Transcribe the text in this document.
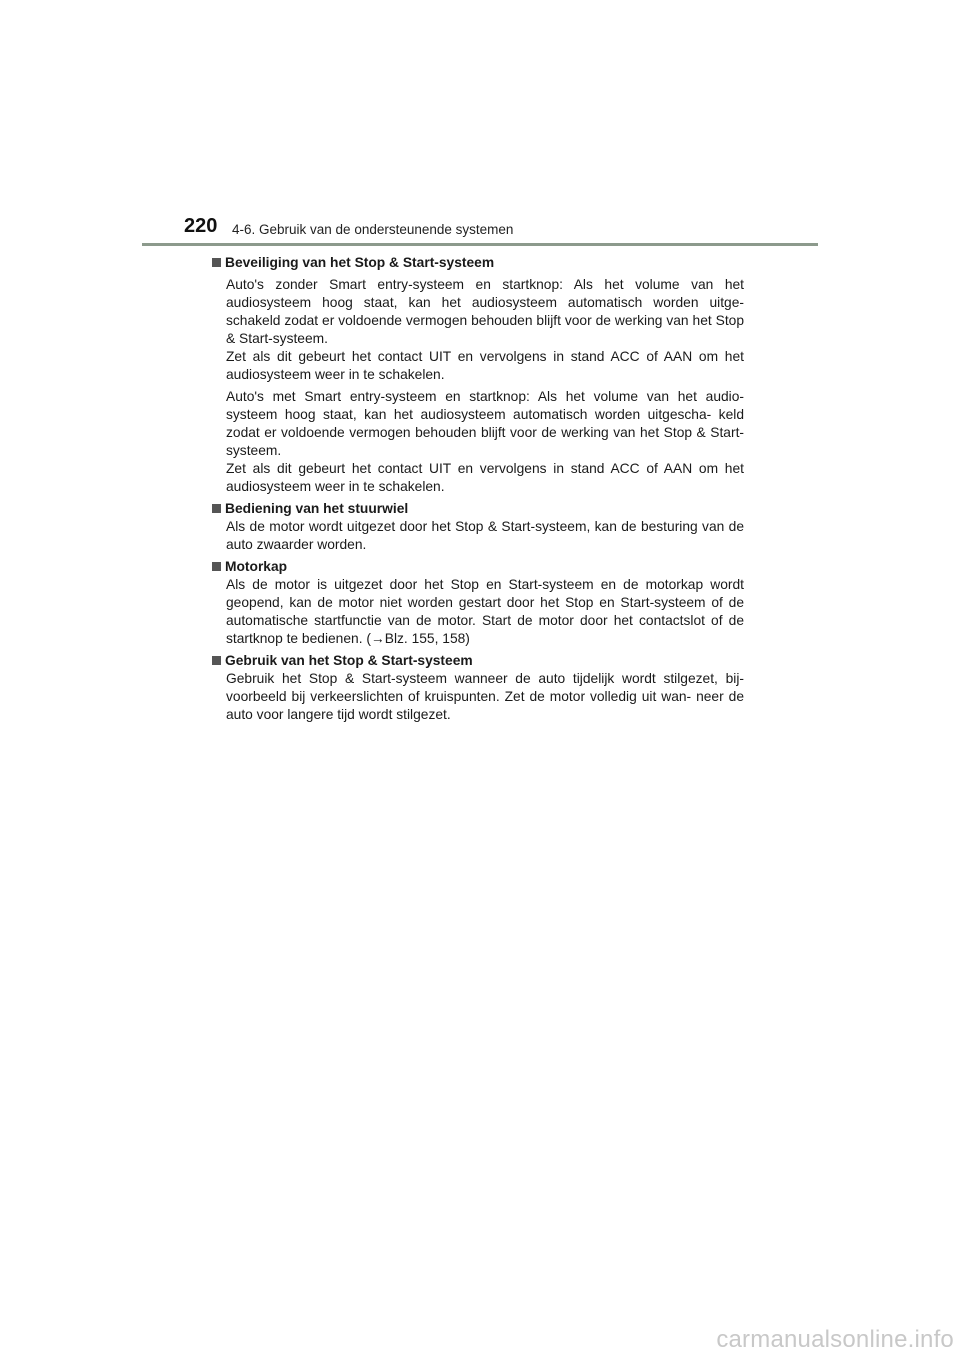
220 4-6. Gebruik van de ondersteunende systemen
Beveiliging van het Stop & Start-systeem
Auto's zonder Smart entry-systeem en startknop: Als het volume van het audiosysteem hoog staat, kan het audiosysteem automatisch worden uitge- schakeld zodat er voldoende vermogen behouden blijft voor de werking van het Stop & Start-systeem.
Zet als dit gebeurt het contact UIT en vervolgens in stand ACC of AAN om het audiosysteem weer in te schakelen.
Auto's met Smart entry-systeem en startknop: Als het volume van het audio- systeem hoog staat, kan het audiosysteem automatisch worden uitgescha- keld zodat er voldoende vermogen behouden blijft voor de werking van het Stop & Start-systeem.
Zet als dit gebeurt het contact UIT en vervolgens in stand ACC of AAN om het audiosysteem weer in te schakelen.
Bediening van het stuurwiel
Als de motor wordt uitgezet door het Stop & Start-systeem, kan de besturing van de auto zwaarder worden.
Motorkap
Als de motor is uitgezet door het Stop en Start-systeem en de motorkap wordt geopend, kan de motor niet worden gestart door het Stop en Start-systeem of de automatische startfunctie van de motor. Start de motor door het contactslot of de startknop te bedienen. (→Blz. 155, 158)
Gebruik van het Stop & Start-systeem
Gebruik het Stop & Start-systeem wanneer de auto tijdelijk wordt stilgezet, bij- voorbeeld bij verkeerslichten of kruispunten. Zet de motor volledig uit wan- neer de auto voor langere tijd wordt stilgezet.
carmanualsonline.info
